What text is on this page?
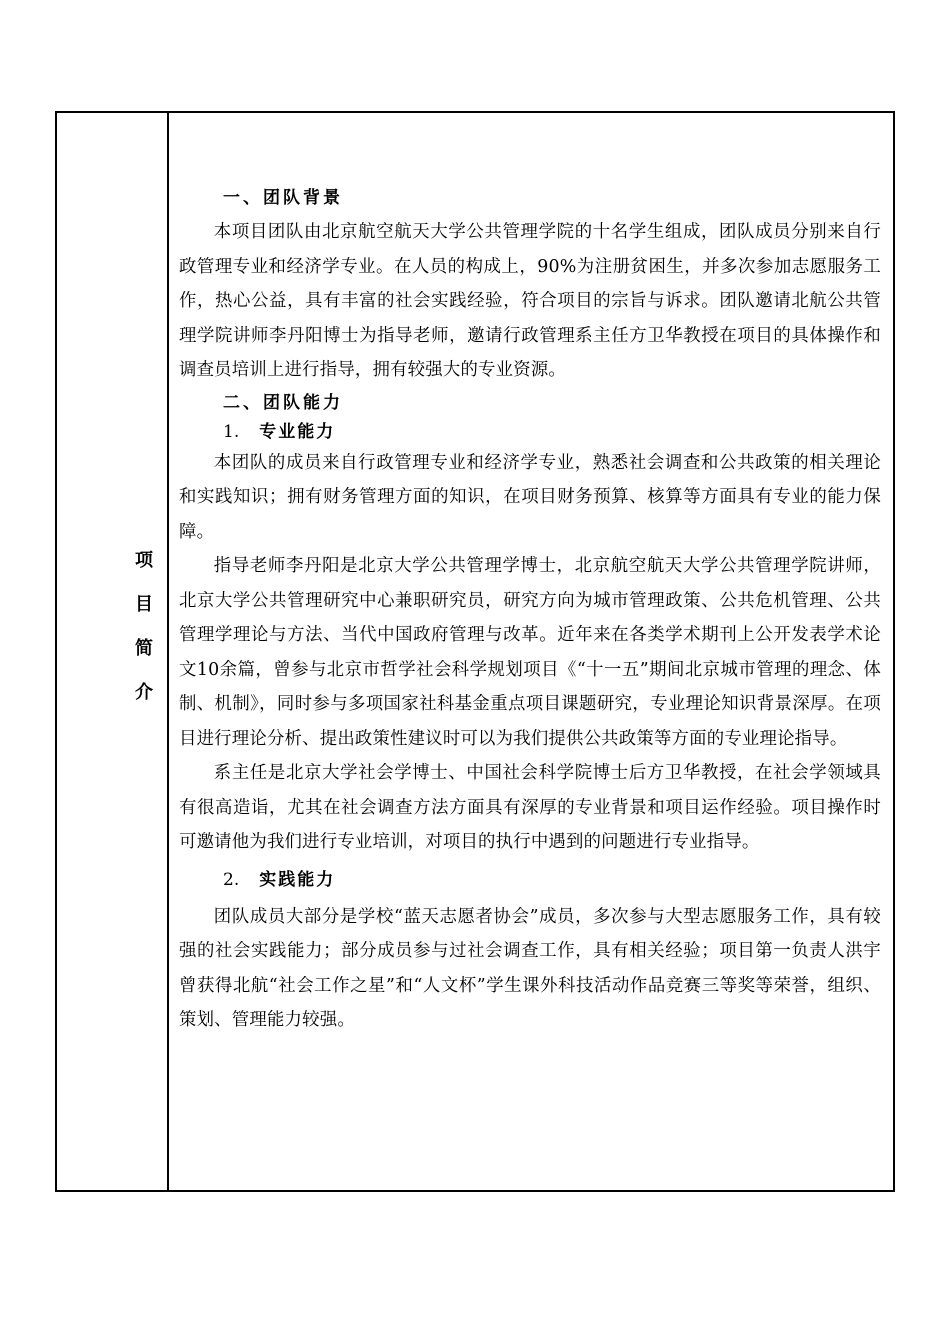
项
目
简
介
一、团队背景

本项目团队由北京航空航天大学公共管理学院的十名学生组成，团队成员分别来自行政管理专业和经济学专业。在人员的构成上，90%为注册贫困生，并多次参加志愿服务工作，热心公益，具有丰富的社会实践经验，符合项目的宗旨与诉求。团队邀请北航公共管理学院讲师李丹阳博士为指导老师，邀请行政管理系主任方卫华教授在项目的具体操作和调查员培训上进行指导，拥有较强大的专业资源。

二、团队能力

1. 专业能力

本团队的成员来自行政管理专业和经济学专业，熟悉社会调查和公共政策的相关理论和实践知识；拥有财务管理方面的知识，在项目财务预算、核算等方面具有专业的能力保障。

指导老师李丹阳是北京大学公共管理学博士，北京航空航天大学公共管理学院讲师，北京大学公共管理研究中心兼职研究员，研究方向为城市管理政策、公共危机管理、公共管理学理论与方法、当代中国政府管理与改革。近年来在各类学术期刊上公开发表学术论文10余篇，曾参与北京市哲学社会科学规划项目《“十一五”期间北京城市管理的理念、体制、机制》，同时参与多项国家社科基金重点项目课题研究，专业理论知识背景深厚。在项目进行理论分析、提出政策性建议时可以为我们提供公共政策等方面的专业理论指导。

系主任是北京大学社会学博士、中国社会科学院博士后方卫华教授，在社会学领域具有很高造诣，尤其在社会调查方法方面具有深厚的专业背景和项目运作经验。项目操作时可邀请他为我们进行专业培训，对项目的执行中遇到的问题进行专业指导。

2. 实践能力

团队成员大部分是学校“蓝天志愿者协会”成员，多次参与大型志愿服务工作，具有较强的社会实践能力；部分成员参与过社会调查工作，具有相关经验；项目第一负责人洪宇曾获得北航“社会工作之星”和“人文杯”学生课外科技活动作品竞赛三等奖等荣誉，组织、策划、管理能力较强。
